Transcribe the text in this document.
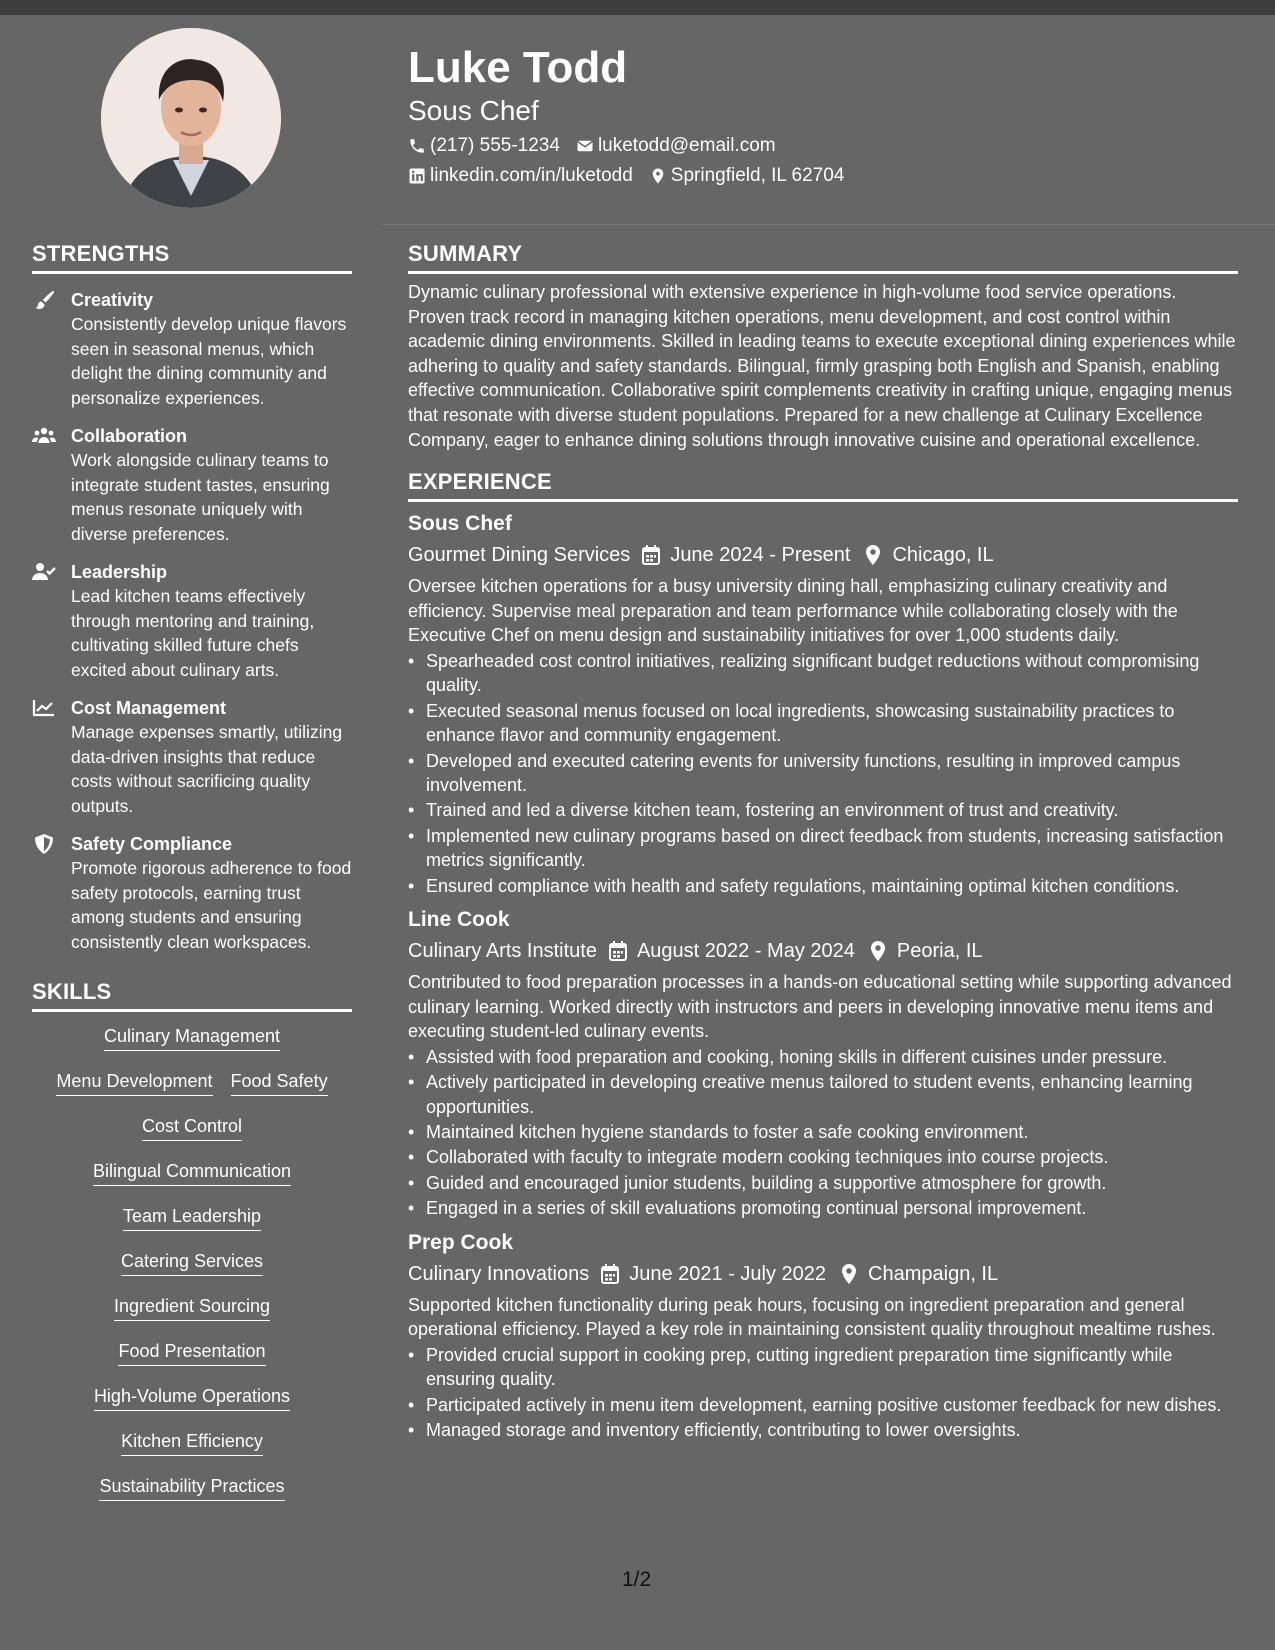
Luke Todd
Sous Chef
(217) 555-1234 luketodd@email.com
linkedin.com/in/luketodd Springfield, IL 62704
STRENGTHS
Creativity
Consistently develop unique flavors seen in seasonal menus, which delight the dining community and personalize experiences.
Collaboration
Work alongside culinary teams to integrate student tastes, ensuring menus resonate uniquely with diverse preferences.
Leadership
Lead kitchen teams effectively through mentoring and training, cultivating skilled future chefs excited about culinary arts.
Cost Management
Manage expenses smartly, utilizing data-driven insights that reduce costs without sacrificing quality outputs.
Safety Compliance
Promote rigorous adherence to food safety protocols, earning trust among students and ensuring consistently clean workspaces.
SKILLS
Culinary Management
Menu Development Food Safety
Cost Control
Bilingual Communication
Team Leadership
Catering Services
Ingredient Sourcing
Food Presentation
High-Volume Operations
Kitchen Efficiency
Sustainability Practices
SUMMARY
Dynamic culinary professional with extensive experience in high-volume food service operations. Proven track record in managing kitchen operations, menu development, and cost control within academic dining environments. Skilled in leading teams to execute exceptional dining experiences while adhering to quality and safety standards. Bilingual, firmly grasping both English and Spanish, enabling effective communication. Collaborative spirit complements creativity in crafting unique, engaging menus that resonate with diverse student populations. Prepared for a new challenge at Culinary Excellence Company, eager to enhance dining solutions through innovative cuisine and operational excellence.
EXPERIENCE
Sous Chef
Gourmet Dining Services June 2024 - Present Chicago, IL
Oversee kitchen operations for a busy university dining hall, emphasizing culinary creativity and efficiency. Supervise meal preparation and team performance while collaborating closely with the Executive Chef on menu design and sustainability initiatives for over 1,000 students daily.
• Spearheaded cost control initiatives, realizing significant budget reductions without compromising quality.
• Executed seasonal menus focused on local ingredients, showcasing sustainability practices to enhance flavor and community engagement.
• Developed and executed catering events for university functions, resulting in improved campus involvement.
• Trained and led a diverse kitchen team, fostering an environment of trust and creativity.
• Implemented new culinary programs based on direct feedback from students, increasing satisfaction metrics significantly.
• Ensured compliance with health and safety regulations, maintaining optimal kitchen conditions.
Line Cook
Culinary Arts Institute August 2022 - May 2024 Peoria, IL
Contributed to food preparation processes in a hands-on educational setting while supporting advanced culinary learning. Worked directly with instructors and peers in developing innovative menu items and executing student-led culinary events.
• Assisted with food preparation and cooking, honing skills in different cuisines under pressure.
• Actively participated in developing creative menus tailored to student events, enhancing learning opportunities.
• Maintained kitchen hygiene standards to foster a safe cooking environment.
• Collaborated with faculty to integrate modern cooking techniques into course projects.
• Guided and encouraged junior students, building a supportive atmosphere for growth.
• Engaged in a series of skill evaluations promoting continual personal improvement.
Prep Cook
Culinary Innovations June 2021 - July 2022 Champaign, IL
Supported kitchen functionality during peak hours, focusing on ingredient preparation and general operational efficiency. Played a key role in maintaining consistent quality throughout mealtime rushes.
• Provided crucial support in cooking prep, cutting ingredient preparation time significantly while ensuring quality.
• Participated actively in menu item development, earning positive customer feedback for new dishes.
• Managed storage and inventory efficiently, contributing to lower oversights.
1/2
